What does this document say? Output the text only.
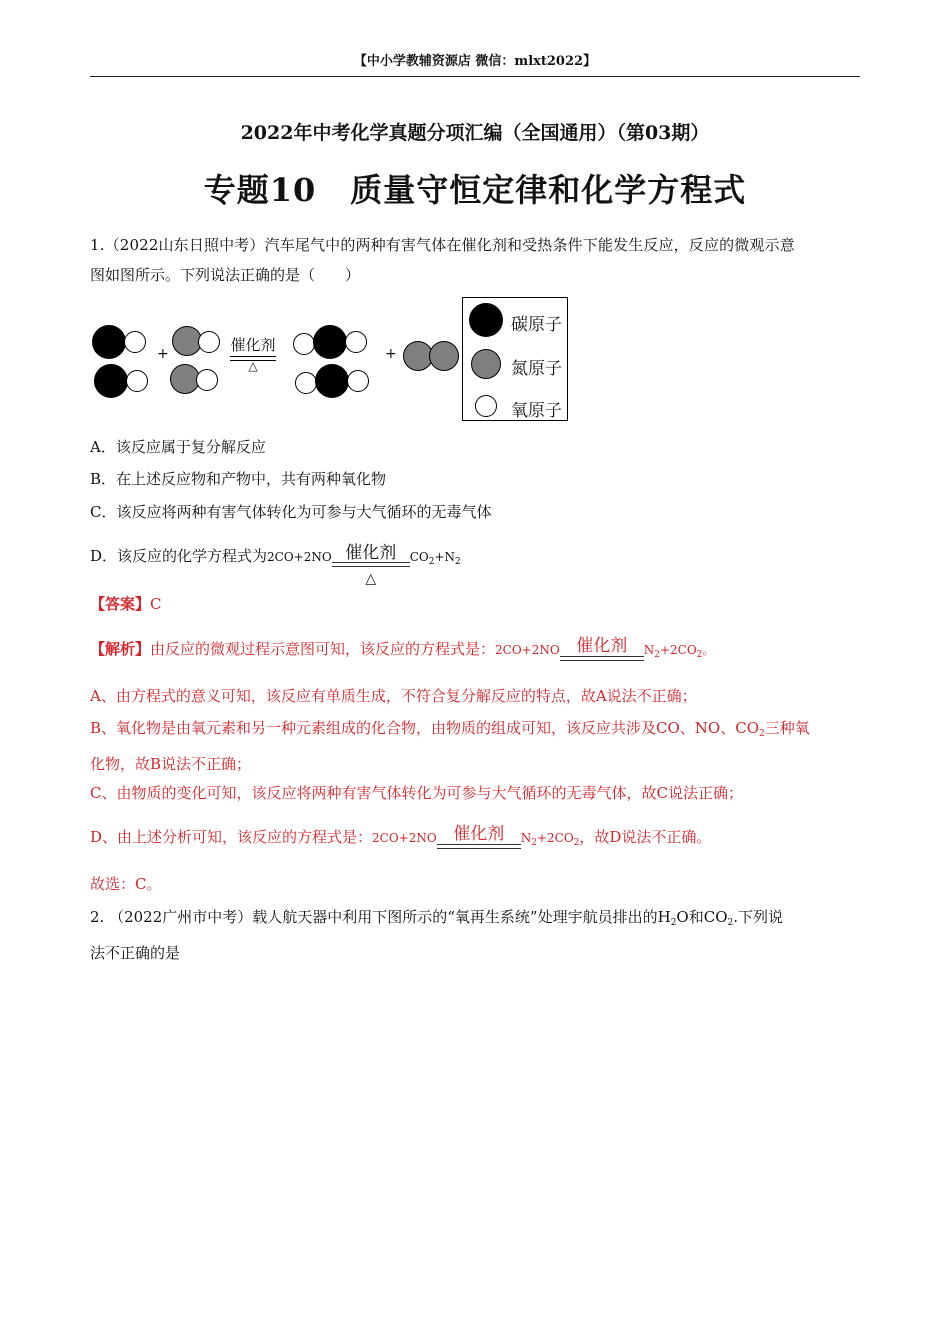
【中小学教辅资源店 微信：mlxt2022】
2022年中考化学真题分项汇编（全国通用）（第03期）
专题10 质量守恒定律和化学方程式
1.（2022山东日照中考）汽车尾气中的两种有害气体在催化剂和受热条件下能发生反应，反应的微观示意
图如图所示。下列说法正确的是（　　）
+	催化剂
△
+
碳原子
氮原子
氧原子
A．该反应属于复分解反应
B．在上述反应物和产物中，共有两种氧化物
C．该反应将两种有害气体转化为可参与大气循环的无毒气体
D．该反应的化学方程式为2CO+2NO 催化剂
△
$CO_2+N_2$
【答案】C
【解析】由反应的微观过程示意图可知，该反应的方程式是：2CO+2NO 催化剂	$N_2+2CO_2$。
A、由方程式的意义可知，该反应有单质生成，不符合复分解反应的特点，故A说法不正确；
B、氧化物是由氧元素和另一种元素组成的化合物，由物质的组成可知，该反应共涉及CO、NO、$CO_2$三种氧
化物，故B说法不正确；
C、由物质的变化可知，该反应将两种有害气体转化为可参与大气循环的无毒气体，故C说法正确；
D、由上述分析可知，该反应的方程式是：2CO+2NO 催化剂	$N_2+2CO_2$，故D说法不正确。
故选：C。
2. （2022广州市中考）载人航天器中利用下图所示的“氧再生系统”处理宇航员排出的$H_2O$和$CO_2$.下列说
法不正确的是
